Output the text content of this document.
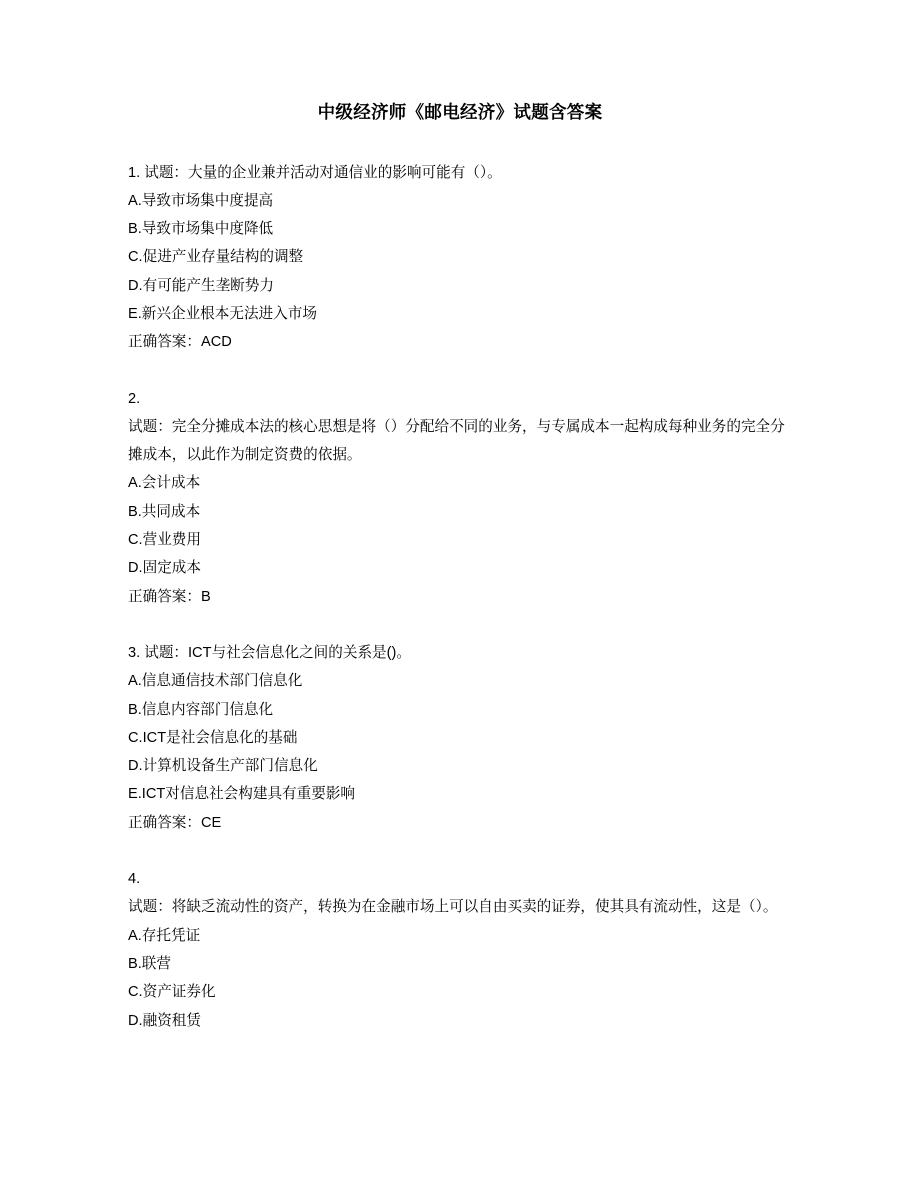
中级经济师《邮电经济》试题含答案
1. 试题：大量的企业兼并活动对通信业的影响可能有（）。
A.导致市场集中度提高
B.导致市场集中度降低
C.促进产业存量结构的调整
D.有可能产生垄断势力
E.新兴企业根本无法进入市场
正确答案：ACD
2.
试题：完全分摊成本法的核心思想是将（）分配给不同的业务，与专属成本一起构成每种业务的完全分摊成本，以此作为制定资费的依据。
A.会计成本
B.共同成本
C.营业费用
D.固定成本
正确答案：B
3. 试题：ICT与社会信息化之间的关系是()。
A.信息通信技术部门信息化
B.信息内容部门信息化
C.ICT是社会信息化的基础
D.计算机设备生产部门信息化
E.ICT对信息社会构建具有重要影响
正确答案：CE
4.
试题：将缺乏流动性的资产，转换为在金融市场上可以自由买卖的证券，使其具有流动性，这是（）。
A.存托凭证
B.联营
C.资产证券化
D.融资租赁
